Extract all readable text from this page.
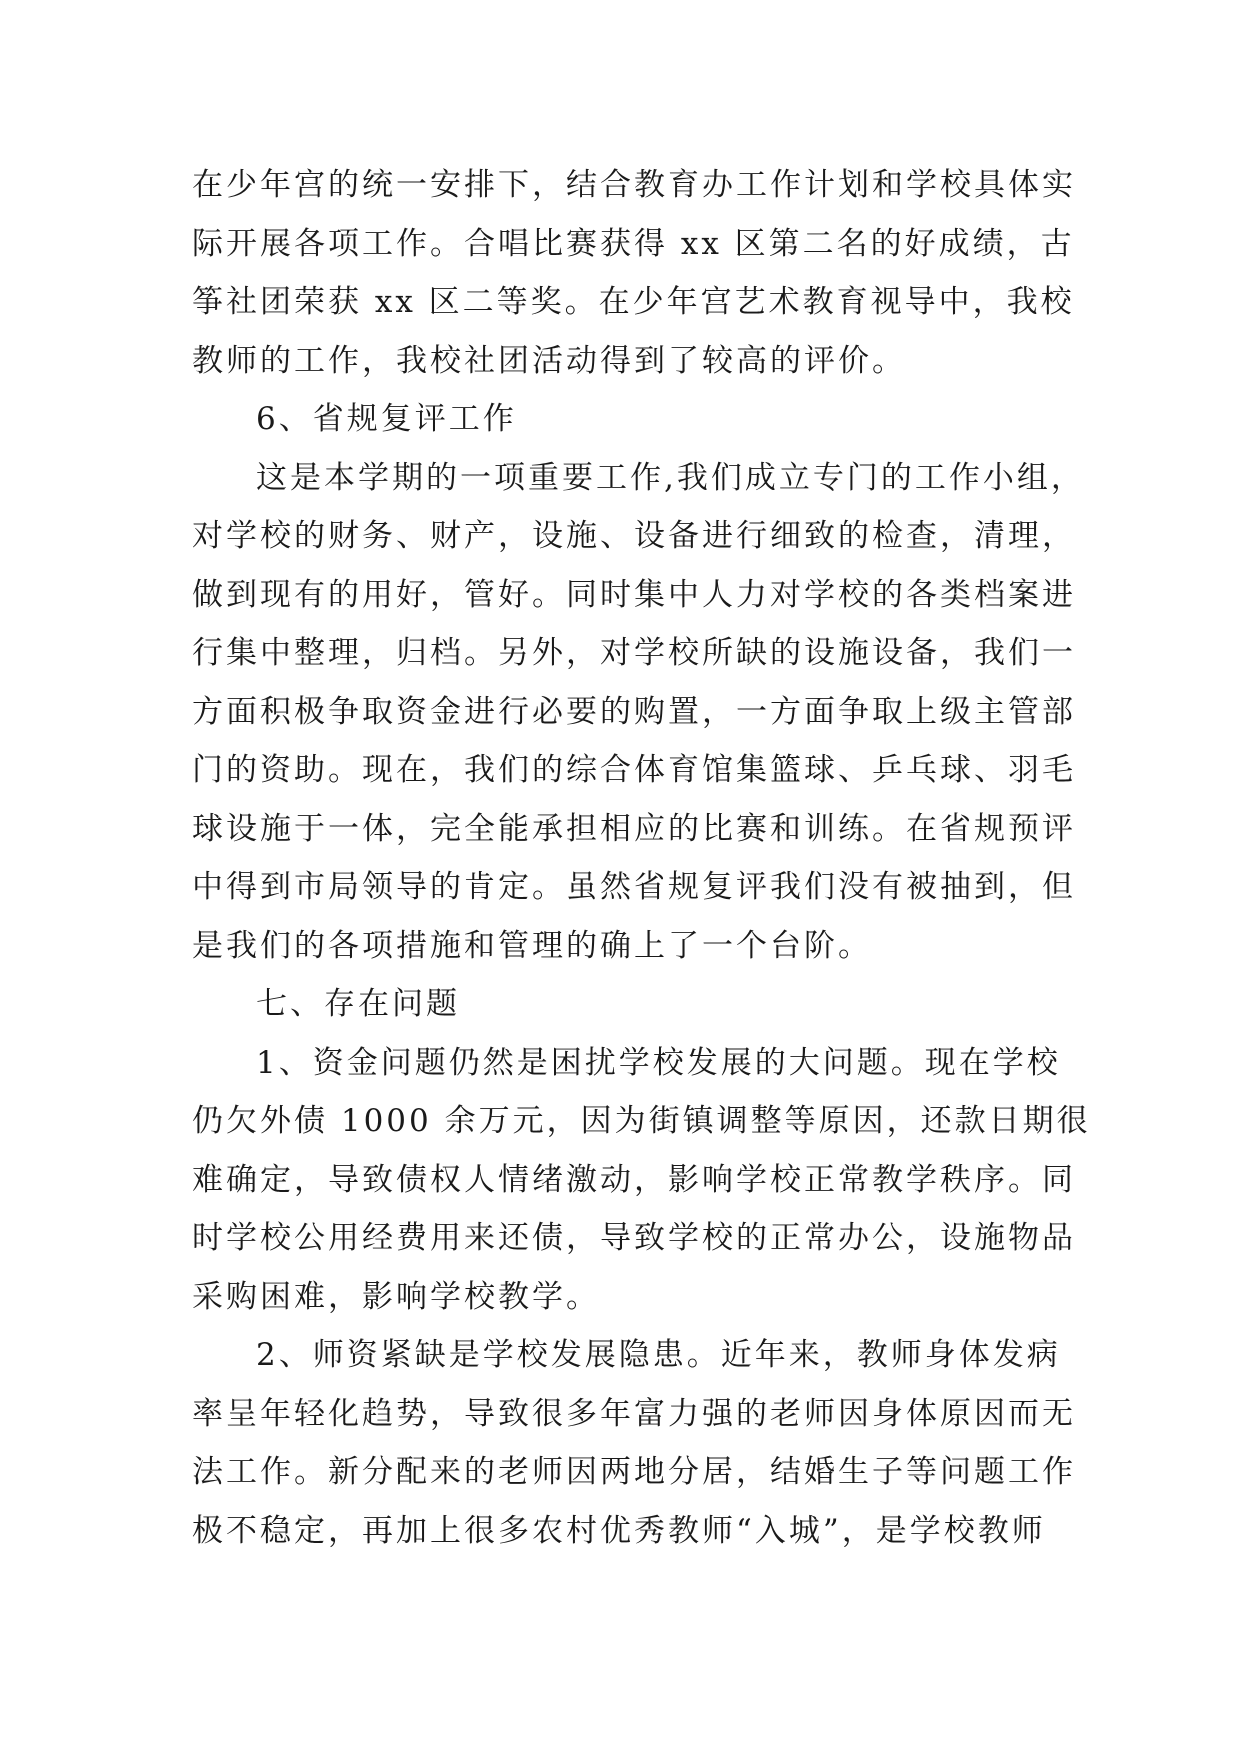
在少年宫的统一安排下，结合教育办工作计划和学校具体实
际开展各项工作。合唱比赛获得 xx 区第二名的好成绩，古
筝社团荣获 xx 区二等奖。在少年宫艺术教育视导中，我校
教师的工作，我校社团活动得到了较高的评价。
6、省规复评工作
这是本学期的一项重要工作,我们成立专门的工作小组，
对学校的财务、财产，设施、设备进行细致的检查，清理，
做到现有的用好，管好。同时集中人力对学校的各类档案进
行集中整理，归档。另外，对学校所缺的设施设备，我们一
方面积极争取资金进行必要的购置，一方面争取上级主管部
门的资助。现在，我们的综合体育馆集篮球、乒乓球、羽毛
球设施于一体，完全能承担相应的比赛和训练。在省规预评
中得到市局领导的肯定。虽然省规复评我们没有被抽到，但
是我们的各项措施和管理的确上了一个台阶。
七、存在问题
1、资金问题仍然是困扰学校发展的大问题。现在学校
仍欠外债 1000 余万元，因为街镇调整等原因，还款日期很
难确定，导致债权人情绪激动，影响学校正常教学秩序。同
时学校公用经费用来还债，导致学校的正常办公，设施物品
采购困难，影响学校教学。
2、师资紧缺是学校发展隐患。近年来，教师身体发病
率呈年轻化趋势，导致很多年富力强的老师因身体原因而无
法工作。新分配来的老师因两地分居，结婚生子等问题工作
极不稳定，再加上很多农村优秀教师“入城”，是学校教师
